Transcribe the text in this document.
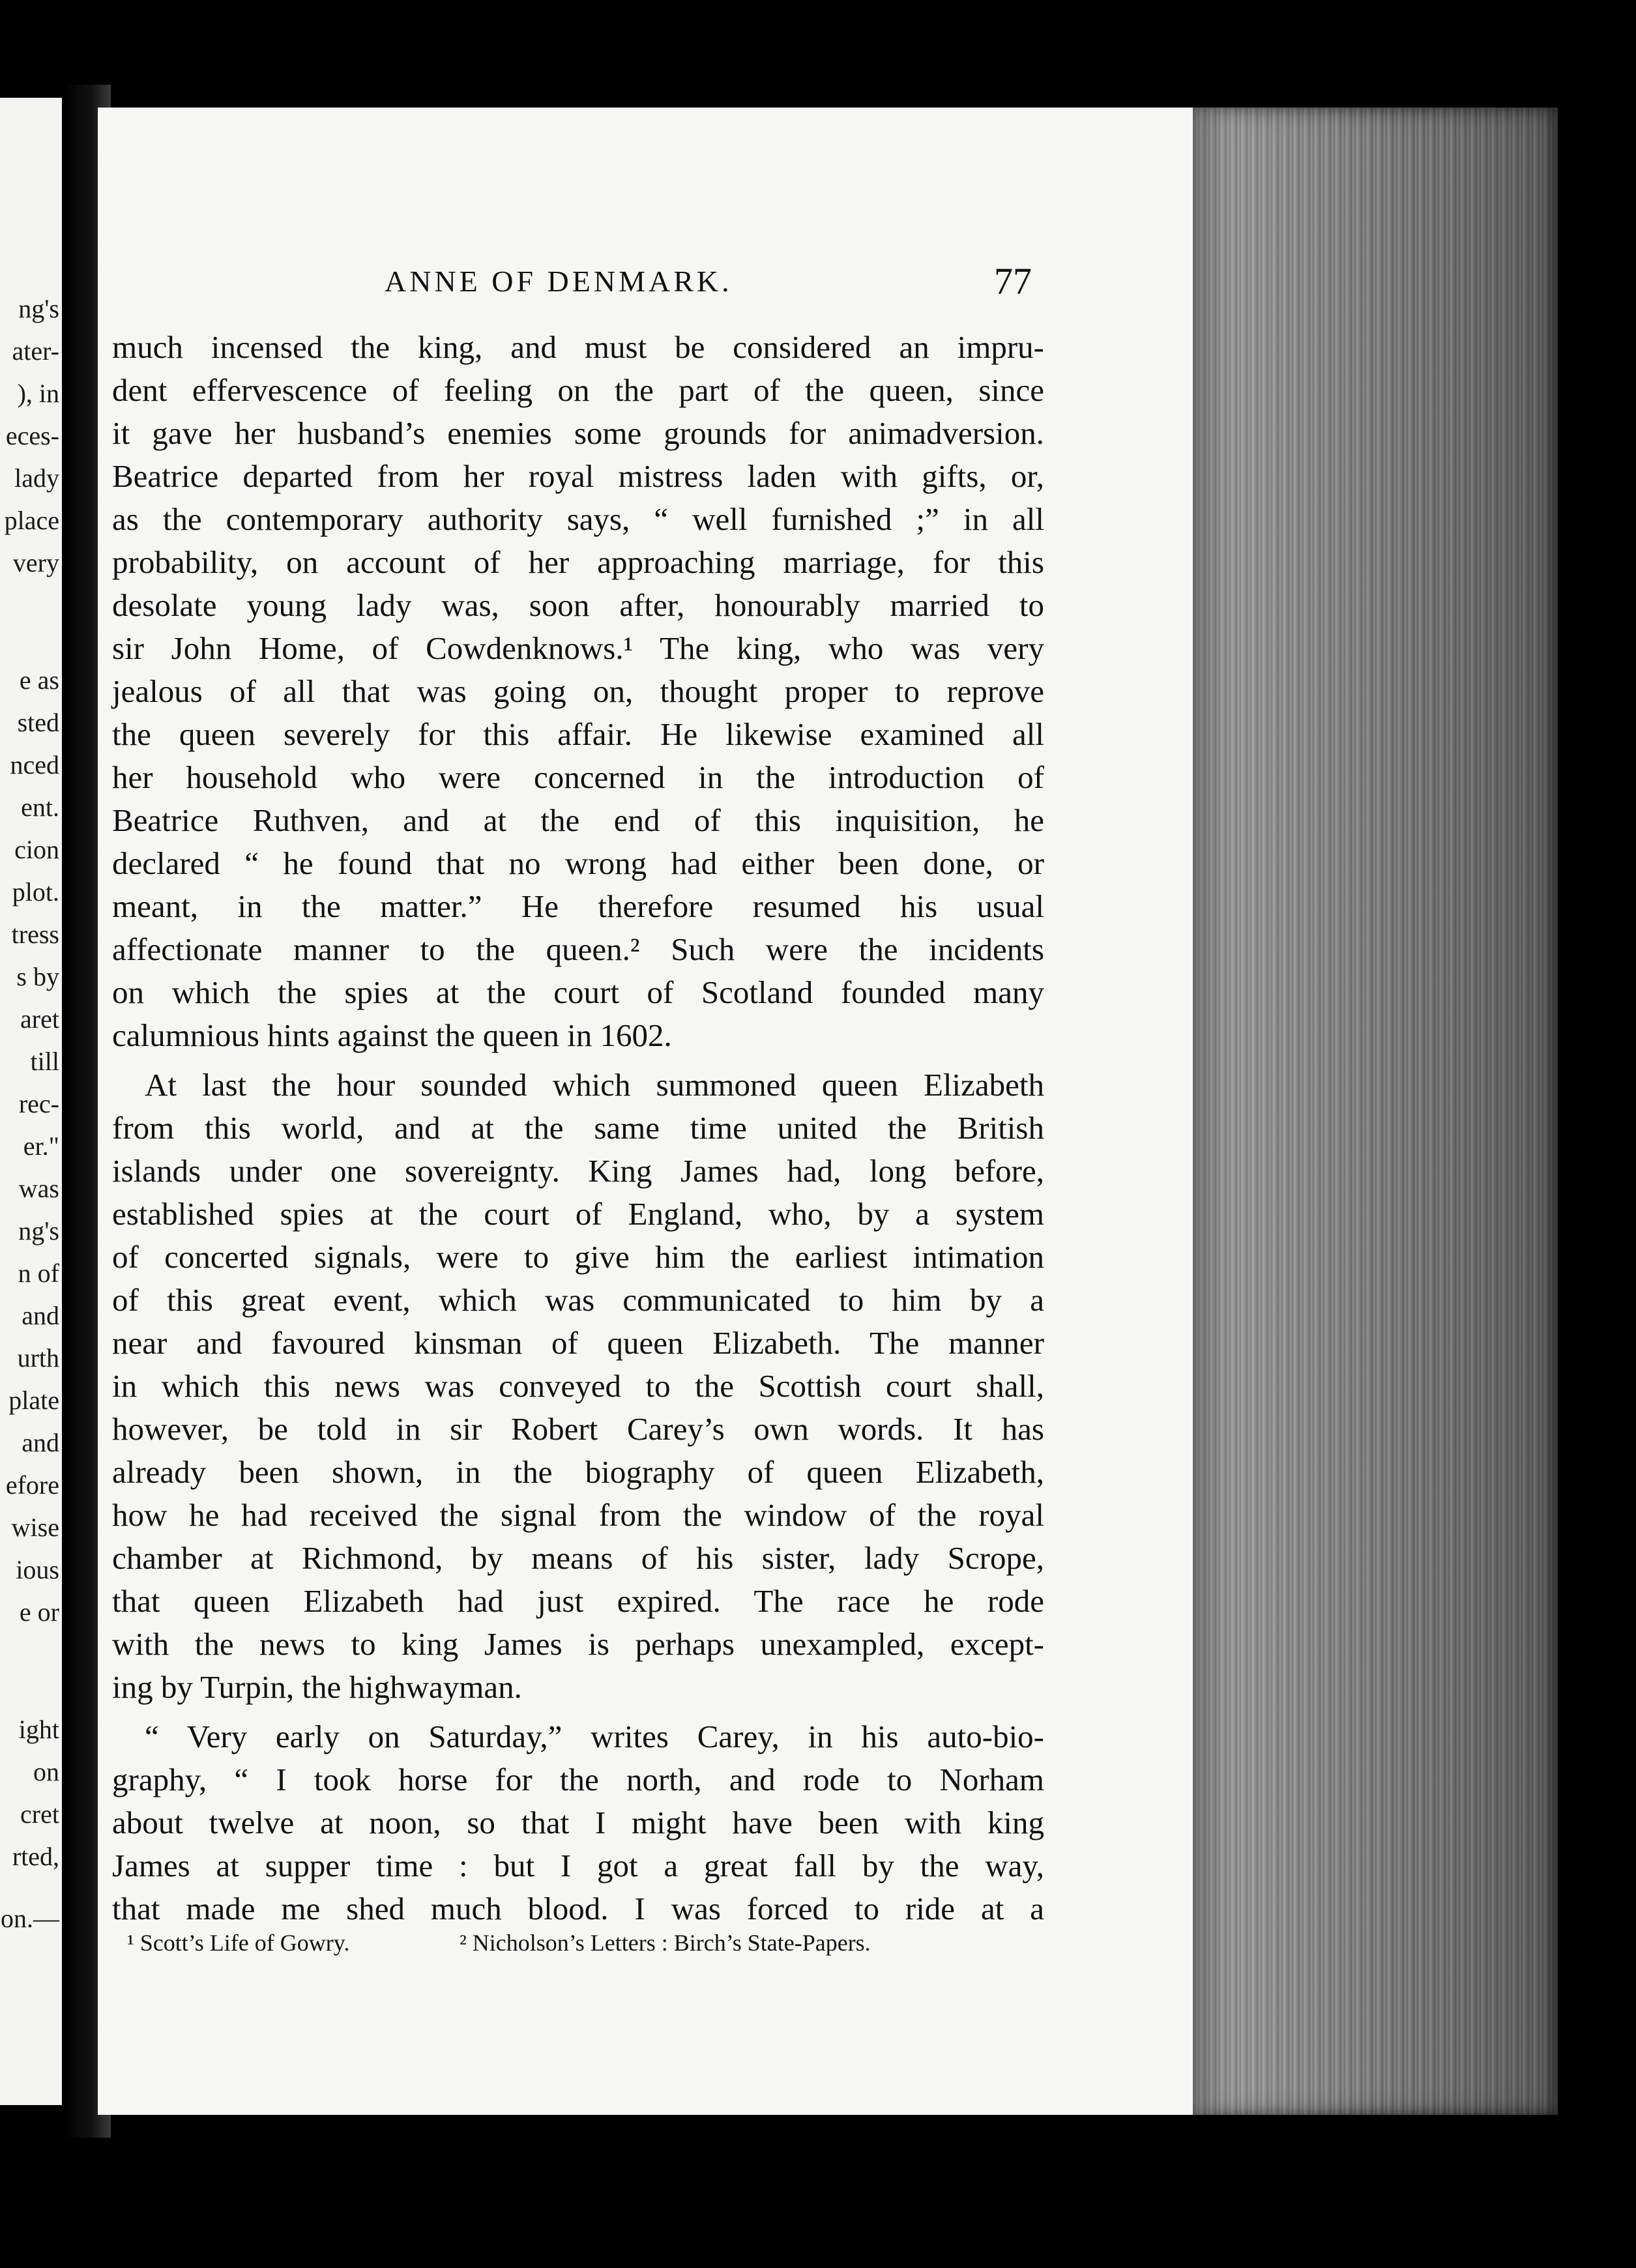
ng's
ater-
), in
eces-
lady
place
very
e as
sted
nced
ent.
cion
plot.
tress
s by
aret
till
rec-
er."
was
ng's
n of
and
urth
plate
and
efore
wise
ious
e or
ight
on
cret
rted,
on.—
ANNE OF DENMARK.	77
much incensed the king, and must be considered an impru-
dent effervescence of feeling on the part of the queen, since
it gave her husband’s enemies some grounds for animadversion.
Beatrice departed from her royal mistress laden with gifts, or,
as the contemporary authority says, “ well furnished ;” in all
probability, on account of her approaching marriage, for this
desolate young lady was, soon after, honourably married to
sir John Home, of Cowdenknows.¹ The king, who was very
jealous of all that was going on, thought proper to reprove
the queen severely for this affair. He likewise examined all
her household who were concerned in the introduction of
Beatrice Ruthven, and at the end of this inquisition, he
declared “ he found that no wrong had either been done, or
meant, in the matter.” He therefore resumed his usual
affectionate manner to the queen.² Such were the incidents
on which the spies at the court of Scotland founded many
calumnious hints against the queen in 1602.
At last the hour sounded which summoned queen Elizabeth
from this world, and at the same time united the British
islands under one sovereignty. King James had, long before,
established spies at the court of England, who, by a system
of concerted signals, were to give him the earliest intimation
of this great event, which was communicated to him by a
near and favoured kinsman of queen Elizabeth. The manner
in which this news was conveyed to the Scottish court shall,
however, be told in sir Robert Carey’s own words. It has
already been shown, in the biography of queen Elizabeth,
how he had received the signal from the window of the royal
chamber at Richmond, by means of his sister, lady Scrope,
that queen Elizabeth had just expired. The race he rode
with the news to king James is perhaps unexampled, except-
ing by Turpin, the highwayman.
“ Very early on Saturday,” writes Carey, in his auto-bio-
graphy, “ I took horse for the north, and rode to Norham
about twelve at noon, so that I might have been with king
James at supper time : but I got a great fall by the way,
that made me shed much blood. I was forced to ride at a
¹ Scott’s Life of Gowry.	² Nicholson’s Letters : Birch’s State-Papers.
